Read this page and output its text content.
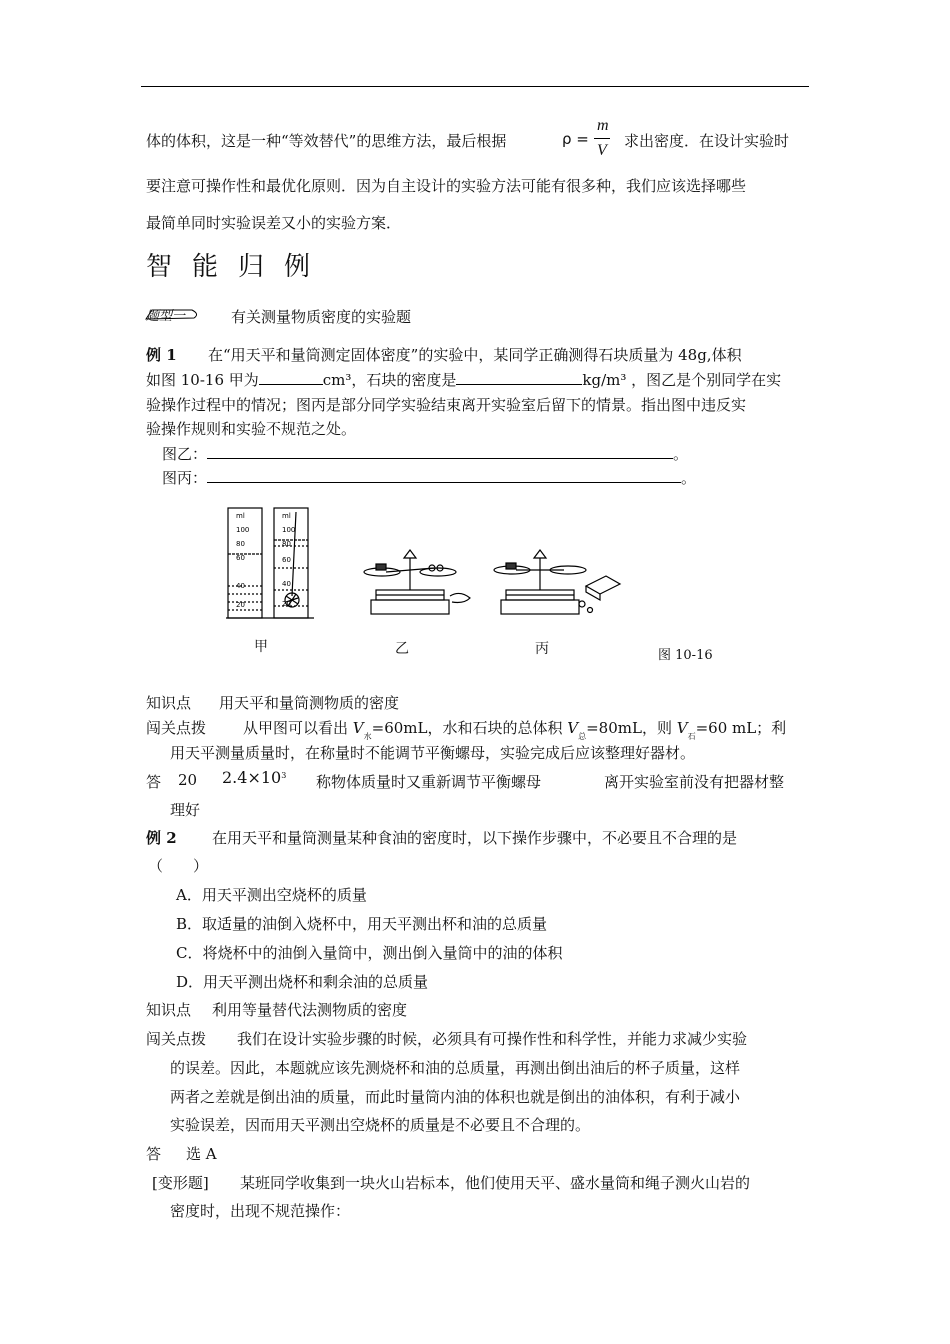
体的体积，这是一种“等效替代”的思维方法，最后根据	ρ =
m
V
求出密度．在设计实验时
要注意可操作性和最优化原则．因为自主设计的实验方法可能有很多种，我们应该选择哪些
最简单同时实验误差又小的实验方案．
智能归例
题型一	有关测量物质密度的实验题
例 1 在“用天平和量筒测定固体密度”的实验中，某同学正确测得石块质量为 48g,体积
如图 10-16 甲为	cm³，石块的密度是	kg/m³ ，图乙是个别同学在实
验操作过程中的情况；图丙是部分同学实验结束离开实验室后留下的情景。指出图中违反实
验操作规则和实验不规范之处。
图乙：	。
图丙：	。
ml
100
80
60
40
20
ml
100
80
60
40
20
甲	乙	丙	图 10-16
知识点 用天平和量筒测物质的密度
闯关点拨 从甲图可以看出 $V_水=60mL$，水和石块的总体积 $V_总=80mL$，则 $V_石=60$ mL；利
用天平测量质量时，在称量时不能调节平衡螺母，实验完成后应该整理好器材。
答 20 $2.4\times 10^3$ 称物体质量时又重新调节平衡螺母	离开实验室前没有把器材整
理好
例 2 在用天平和量筒测量某种食油的密度时，以下操作步骤中，不必要且不合理的是
（　　）
A．用天平测出空烧杯的质量
B．取适量的油倒入烧杯中，用天平测出杯和油的总质量
C．将烧杯中的油倒入量筒中，测出倒入量筒中的油的体积
D．用天平测出烧杯和剩余油的总质量
知识点 利用等量替代法测物质的密度
闯关点拨 我们在设计实验步骤的时候，必须具有可操作性和科学性，并能力求减少实验
的误差。因此，本题就应该先测烧杯和油的总质量，再测出倒出油后的杯子质量，这样
两者之差就是倒出油的质量，而此时量筒内油的体积也就是倒出的油体积，有利于减小
实验误差，因而用天平测出空烧杯的质量是不必要且不合理的。
答 选 A
[变形题] 某班同学收集到一块火山岩标本，他们使用天平、盛水量筒和绳子测火山岩的
密度时，出现不规范操作：
